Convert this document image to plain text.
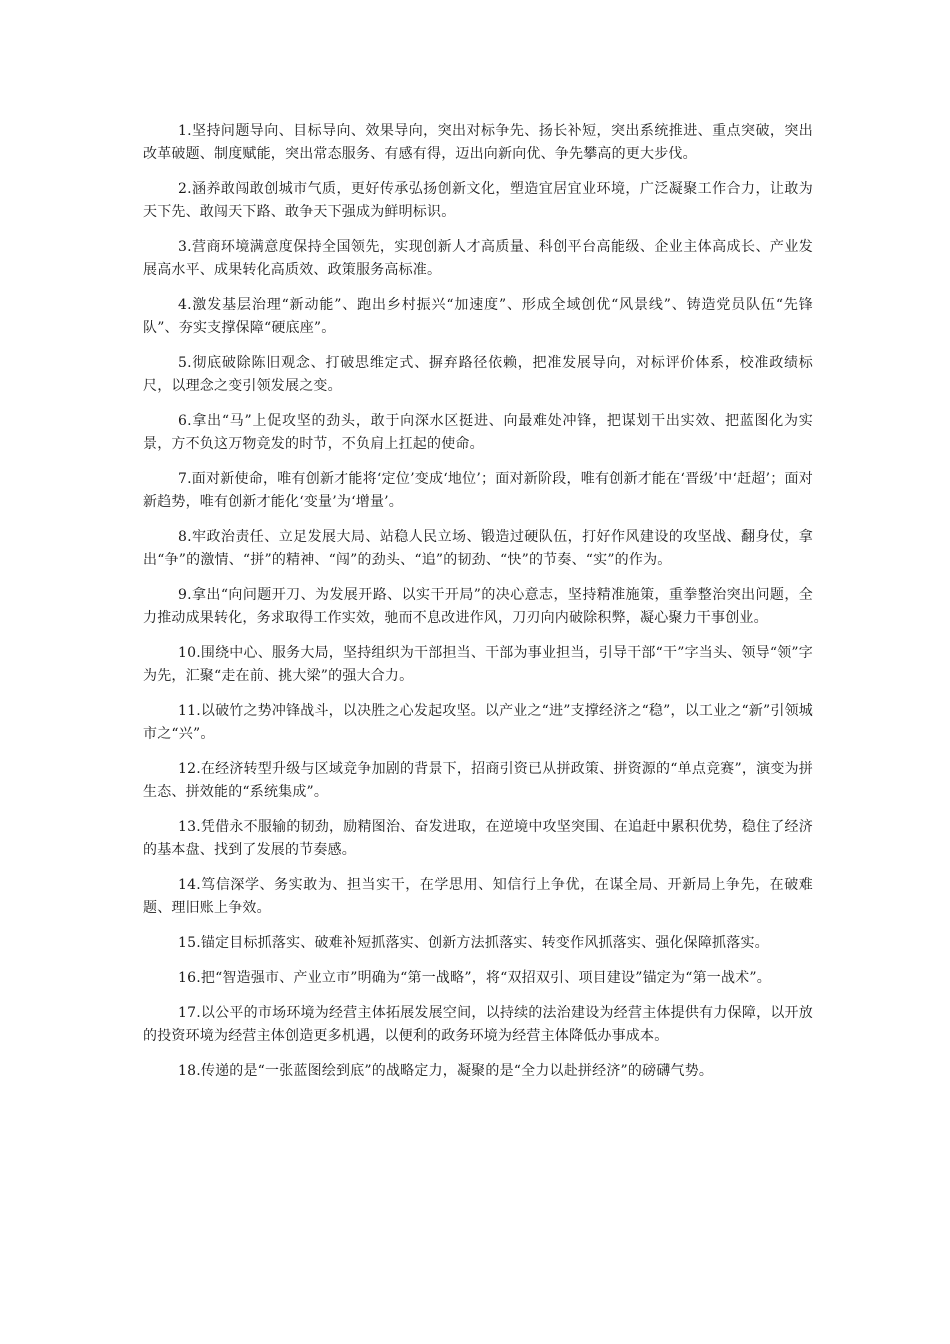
1.坚持问题导向、目标导向、效果导向，突出对标争先、扬长补短，突出系统推进、重点突破，突出改革破题、制度赋能，突出常态服务、有感有得，迈出向新向优、争先攀高的更大步伐。

2.涵养敢闯敢创城市气质，更好传承弘扬创新文化，塑造宜居宜业环境，广泛凝聚工作合力，让敢为天下先、敢闯天下路、敢争天下强成为鲜明标识。

3.营商环境满意度保持全国领先，实现创新人才高质量、科创平台高能级、企业主体高成长、产业发展高水平、成果转化高质效、政策服务高标准。

4.激发基层治理“新动能”、跑出乡村振兴“加速度”、形成全域创优“风景线”、铸造党员队伍“先锋队”、夯实支撑保障“硬底座”。

5.彻底破除陈旧观念、打破思维定式、摒弃路径依赖，把准发展导向，对标评价体系，校准政绩标尺，以理念之变引领发展之变。

6.拿出“马”上促攻坚的劲头，敢于向深水区挺进、向最难处冲锋，把谋划干出实效、把蓝图化为实景，方不负这万物竞发的时节，不负肩上扛起的使命。

7.面对新使命，唯有创新才能将‘定位’变成‘地位’；面对新阶段，唯有创新才能在‘晋级’中‘赶超’；面对新趋势，唯有创新才能化‘变量’为‘增量’。

8.牢政治责任、立足发展大局、站稳人民立场、锻造过硬队伍，打好作风建设的攻坚战、翻身仗，拿出“争”的激情、“拼”的精神、“闯”的劲头、“追”的韧劲、“快”的节奏、“实”的作为。

9.拿出“向问题开刀、为发展开路、以实干开局”的决心意志，坚持精准施策，重拳整治突出问题，全力推动成果转化，务求取得工作实效，驰而不息改进作风，刀刃向内破除积弊，凝心聚力干事创业。

10.围绕中心、服务大局，坚持组织为干部担当、干部为事业担当，引导干部“干”字当头、领导“领”字为先，汇聚“走在前、挑大梁”的强大合力。

11.以破竹之势冲锋战斗，以决胜之心发起攻坚。以产业之“进”支撑经济之“稳”，以工业之“新”引领城市之“兴”。

12.在经济转型升级与区域竞争加剧的背景下，招商引资已从拼政策、拼资源的“单点竞赛”，演变为拼生态、拼效能的“系统集成”。

13.凭借永不服输的韧劲，励精图治、奋发进取，在逆境中攻坚突围、在追赶中累积优势，稳住了经济的基本盘、找到了发展的节奏感。

14.笃信深学、务实敢为、担当实干，在学思用、知信行上争优，在谋全局、开新局上争先，在破难题、理旧账上争效。

15.锚定目标抓落实、破难补短抓落实、创新方法抓落实、转变作风抓落实、强化保障抓落实。

16.把“智造强市、产业立市”明确为“第一战略”，将“双招双引、项目建设”锚定为“第一战术”。

17.以公平的市场环境为经营主体拓展发展空间，以持续的法治建设为经营主体提供有力保障，以开放的投资环境为经营主体创造更多机遇，以便利的政务环境为经营主体降低办事成本。

18.传递的是“一张蓝图绘到底”的战略定力，凝聚的是“全力以赴拼经济”的磅礴气势。
